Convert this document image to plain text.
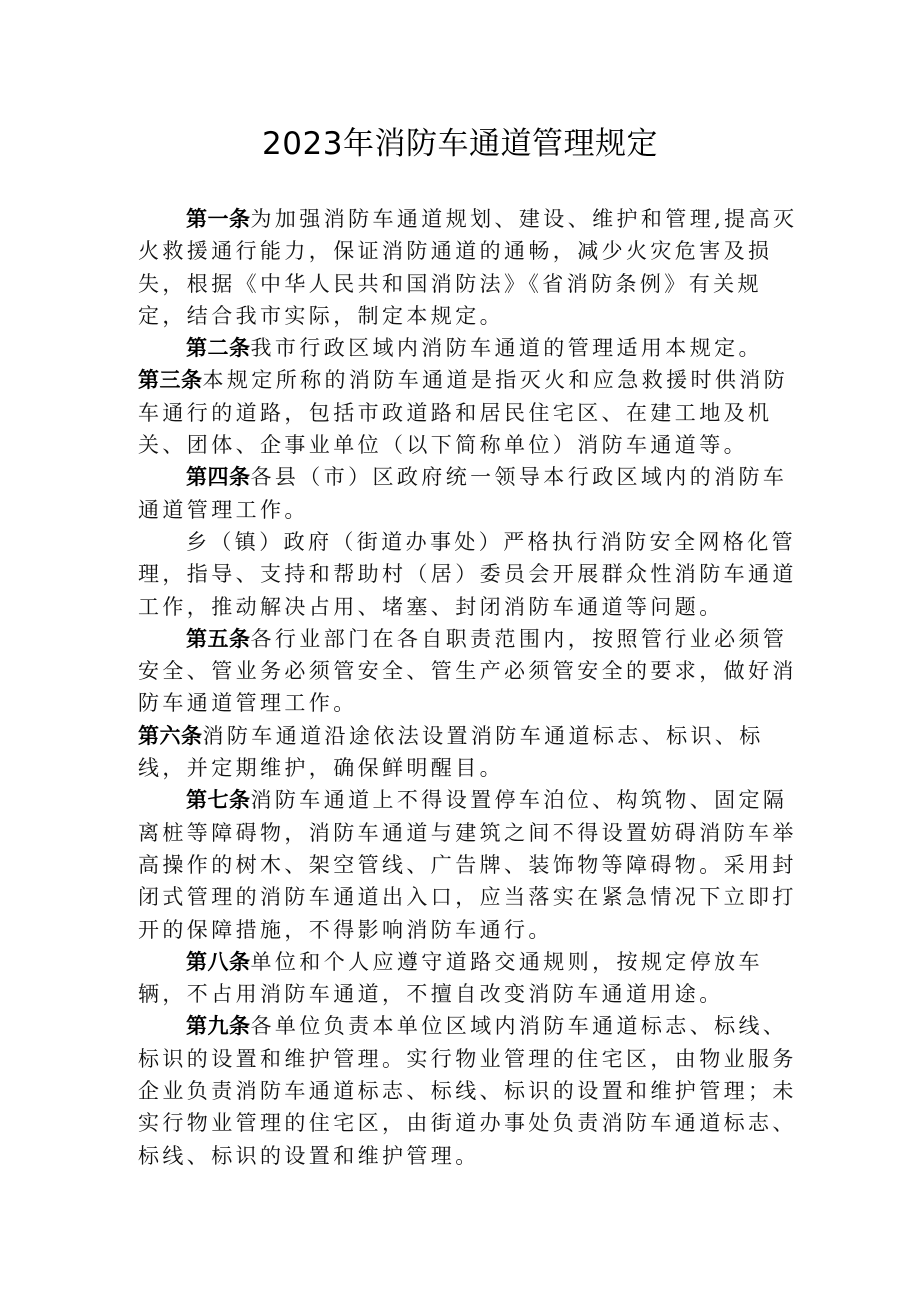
2023年消防车通道管理规定

第一条为加强消防车通道规划、建设、维护和管理,提高灭火救援通行能力，保证消防通道的通畅，减少火灾危害及损失，根据《中华人民共和国消防法》《省消防条例》有关规定，结合我市实际，制定本规定。

第二条我市行政区域内消防车通道的管理适用本规定。

第三条本规定所称的消防车通道是指灭火和应急救援时供消防车通行的道路，包括市政道路和居民住宅区、在建工地及机关、团体、企事业单位（以下简称单位）消防车通道等。

第四条各县（市）区政府统一领导本行政区域内的消防车通道管理工作。

乡（镇）政府（街道办事处）严格执行消防安全网格化管理，指导、支持和帮助村（居）委员会开展群众性消防车通道工作，推动解决占用、堵塞、封闭消防车通道等问题。

第五条各行业部门在各自职责范围内，按照管行业必须管安全、管业务必须管安全、管生产必须管安全的要求，做好消防车通道管理工作。

第六条消防车通道沿途依法设置消防车通道标志、标识、标线，并定期维护，确保鲜明醒目。

第七条消防车通道上不得设置停车泊位、构筑物、固定隔离桩等障碍物，消防车通道与建筑之间不得设置妨碍消防车举高操作的树木、架空管线、广告牌、装饰物等障碍物。采用封闭式管理的消防车通道出入口，应当落实在紧急情况下立即打开的保障措施，不得影响消防车通行。

第八条单位和个人应遵守道路交通规则，按规定停放车辆，不占用消防车通道，不擅自改变消防车通道用途。

第九条各单位负责本单位区域内消防车通道标志、标线、标识的设置和维护管理。实行物业管理的住宅区，由物业服务企业负责消防车通道标志、标线、标识的设置和维护管理；未实行物业管理的住宅区，由街道办事处负责消防车通道标志、标线、标识的设置和维护管理。
